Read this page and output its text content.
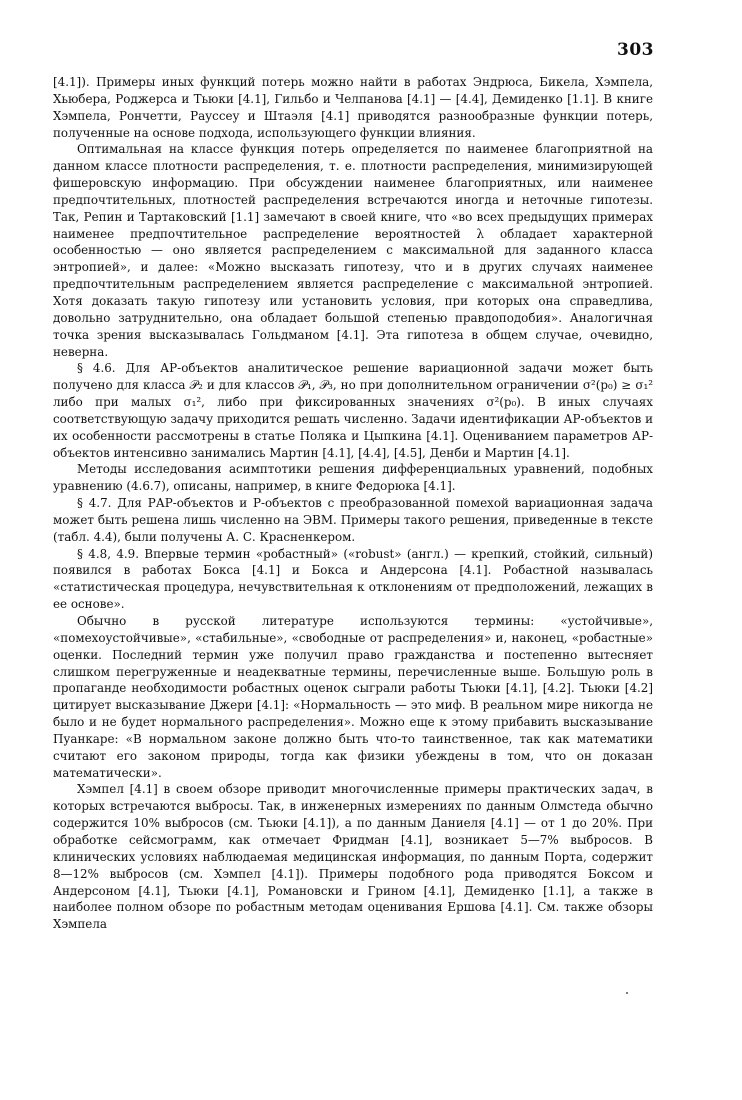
303

[4.1]). Примеры иных функций потерь можно найти в работах Эндрюса, Бикела, Хэмпела, Хьюбера, Роджерса и Тьюки [4.1], Гильбо и Челпанова [4.1] — [4.4], Демиденко [1.1]. В книге Хэмпела, Рончетти, Рауссеу и Штаэля [4.1] приводятся разнообразные функции потерь, полученные на основе подхода, использующего функции влияния.

Оптимальная на классе функция потерь определяется по наименее благоприятной на данном классе плотности распределения, т. е. плотности распределения, минимизирующей фишеровскую информацию. При обсуждении наименее благоприятных, или наименее предпочтительных, плотностей распределения встречаются иногда и неточные гипотезы. Так, Репин и Тартаковский [1.1] замечают в своей книге, что «во всех предыдущих примерах наименее предпочтительное распределение вероятностей λ обладает характерной особенностью — оно является распределением с максимальной для заданного класса энтропией», и далее: «Можно высказать гипотезу, что и в других случаях наименее предпочтительным распределением является распределение с максимальной энтропией. Хотя доказать такую гипотезу или установить условия, при которых она справедлива, довольно затруднительно, она обладает большой степенью правдоподобия». Аналогичная точка зрения высказывалась Гольдманом [4.1]. Эта гипотеза в общем случае, очевидно, неверна.

§ 4.6. Для АР-объектов аналитическое решение вариационной задачи может быть получено для класса 𝒫₂ и для классов 𝒫₁, 𝒫₃, но при дополнительном ограничении σ²(p₀) ≥ σ₁² либо при малых σ₁², либо при фиксированных значениях σ²(p₀). В иных случаях соответствующую задачу приходится решать численно. Задачи идентификации АР-объектов и их особенности рассмотрены в статье Поляка и Цыпкина [4.1]. Оцениванием параметров АР-объектов интенсивно занимались Мартин [4.1], [4.4], [4.5], Денби и Мартин [4.1].

Методы исследования асимптотики решения дифференциальных уравнений, подобных уравнению (4.6.7), описаны, например, в книге Федорюка [4.1].

§ 4.7. Для РАР-объектов и Р-объектов с преобразованной помехой вариационная задача может быть решена лишь численно на ЭВМ. Примеры такого решения, приведенные в тексте (табл. 4.4), были получены А. С. Красненкером.

§ 4.8, 4.9. Впервые термин «робастный» («robust» (англ.) — крепкий, стойкий, сильный) появился в работах Бокса [4.1] и Бокса и Андерсона [4.1]. Робастной называлась «статистическая процедура, нечувствительная к отклонениям от предположений, лежащих в ее основе».

Обычно в русской литературе используются термины: «устойчивые», «помехоустойчивые», «стабильные», «свободные от распределения» и, наконец, «робастные» оценки. Последний термин уже получил право гражданства и постепенно вытесняет слишком перегруженные и неадекватные термины, перечисленные выше. Большую роль в пропаганде необходимости робастных оценок сыграли работы Тьюки [4.1], [4.2]. Тьюки [4.2] цитирует высказывание Джери [4.1]: «Нормальность — это миф. В реальном мире никогда не было и не будет нормального распределения». Можно еще к этому прибавить высказывание Пуанкаре: «В нормальном законе должно быть что-то таинственное, так как математики считают его законом природы, тогда как физики убеждены в том, что он доказан математически».

Хэмпел [4.1] в своем обзоре приводит многочисленные примеры практических задач, в которых встречаются выбросы. Так, в инженерных измерениях по данным Олмстеда обычно содержится 10% выбросов (см. Тьюки [4.1]), а по данным Даниеля [4.1] — от 1 до 20%. При обработке сейсмограмм, как отмечает Фридман [4.1], возникает 5—7% выбросов. В клинических условиях наблюдаемая медицинская информация, по данным Порта, содержит 8—12% выбросов (см. Хэмпел [4.1]). Примеры подобного рода приводятся Боксом и Андерсоном [4.1], Тьюки [4.1], Романовски и Грином [4.1], Демиденко [1.1], а также в наиболее полном обзоре по робастным методам оценивания Ершова [4.1]. См. также обзоры Хэмпела
